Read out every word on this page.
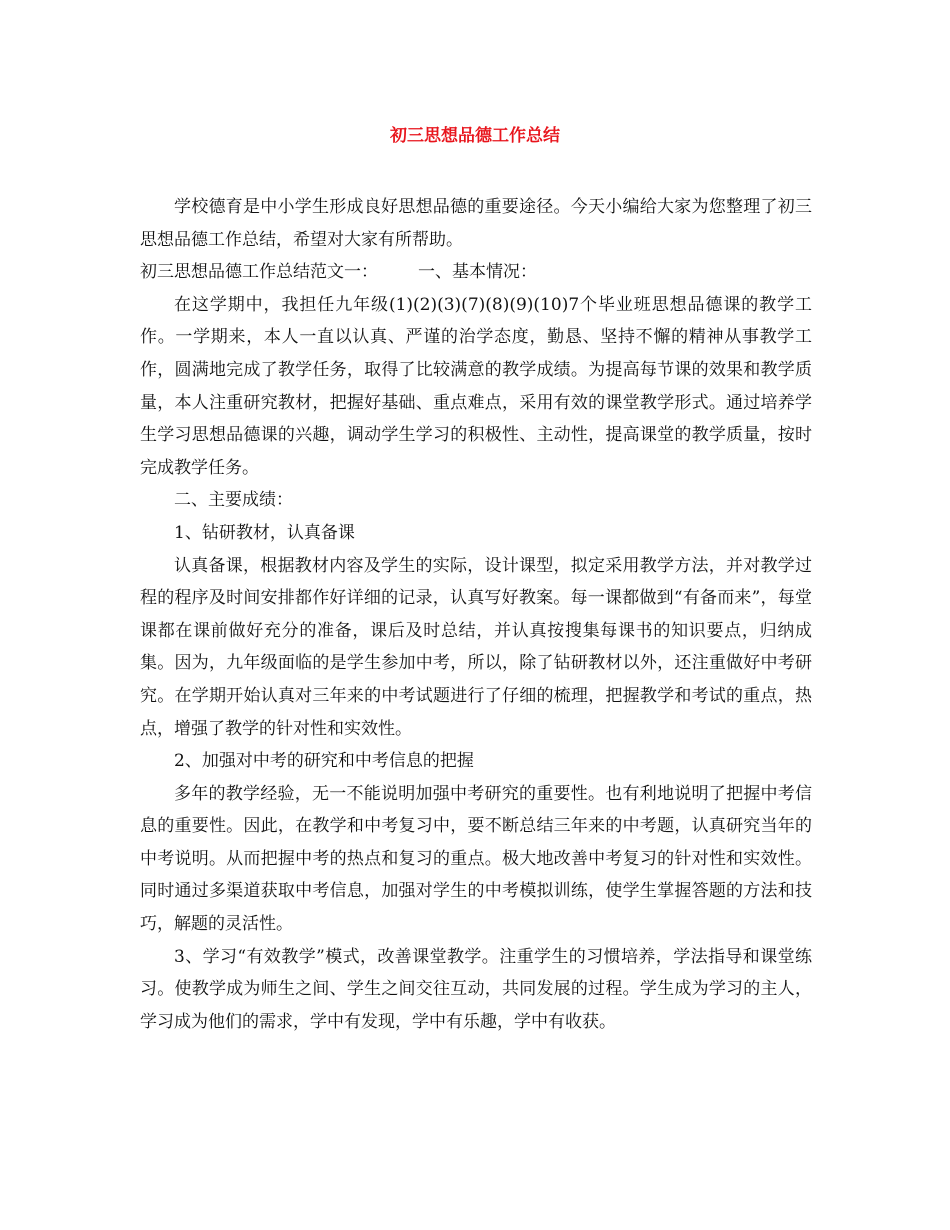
初三思想品德工作总结

学校德育是中小学生形成良好思想品德的重要途径。今天小编给大家为您整理了初三思想品德工作总结，希望对大家有所帮助。

初三思想品德工作总结范文一： 一、基本情况：

在这学期中，我担任九年级(1)(2)(3)(7)(8)(9)(10)7个毕业班思想品德课的教学工作。一学期来，本人一直以认真、严谨的治学态度，勤恳、坚持不懈的精神从事教学工作，圆满地完成了教学任务，取得了比较满意的教学成绩。为提高每节课的效果和教学质量，本人注重研究教材，把握好基础、重点难点，采用有效的课堂教学形式。通过培养学生学习思想品德课的兴趣，调动学生学习的积极性、主动性，提高课堂的教学质量，按时完成教学任务。

二、主要成绩：

1、钻研教材，认真备课

认真备课，根据教材内容及学生的实际，设计课型，拟定采用教学方法，并对教学过程的程序及时间安排都作好详细的记录，认真写好教案。每一课都做到“有备而来”，每堂课都在课前做好充分的准备，课后及时总结，并认真按搜集每课书的知识要点，归纳成集。因为，九年级面临的是学生参加中考，所以，除了钻研教材以外，还注重做好中考研究。在学期开始认真对三年来的中考试题进行了仔细的梳理，把握教学和考试的重点，热点，增强了教学的针对性和实效性。

2、加强对中考的研究和中考信息的把握

多年的教学经验，无一不能说明加强中考研究的重要性。也有利地说明了把握中考信息的重要性。因此，在教学和中考复习中，要不断总结三年来的中考题，认真研究当年的中考说明。从而把握中考的热点和复习的重点。极大地改善中考复习的针对性和实效性。同时通过多渠道获取中考信息，加强对学生的中考模拟训练，使学生掌握答题的方法和技巧，解题的灵活性。

3、学习“有效教学”模式，改善课堂教学。注重学生的习惯培养，学法指导和课堂练习。使教学成为师生之间、学生之间交往互动，共同发展的过程。学生成为学习的主人，学习成为他们的需求，学中有发现，学中有乐趣，学中有收获。
